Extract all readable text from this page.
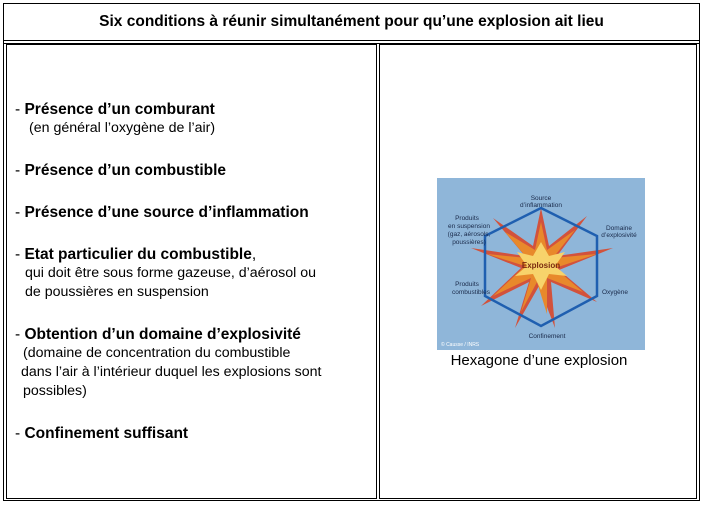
Six conditions à réunir simultanément pour qu’une explosion ait lieu
- Présence d’un comburant
(en général l’oxygène de l’air)
- Présence d’un combustible
- Présence d’une source d’inflammation
- Etat particulier du combustible,
qui doit être sous forme gazeuse, d’aérosol ou
de poussières en suspension
- Obtention d’un domaine d’explosivité
(domaine de concentration du combustible
dans l’air à l’intérieur duquel les explosions sont
possibles)
- Confinement suffisant
Explosion
Source
d’inflammation
Domaine
d’explosivité
Oxygène
Confinement
Produits
combustibles
Produits
en suspension
(gaz, aérosols,
poussières)
© Causse / INRS
Hexagone d’une explosion
